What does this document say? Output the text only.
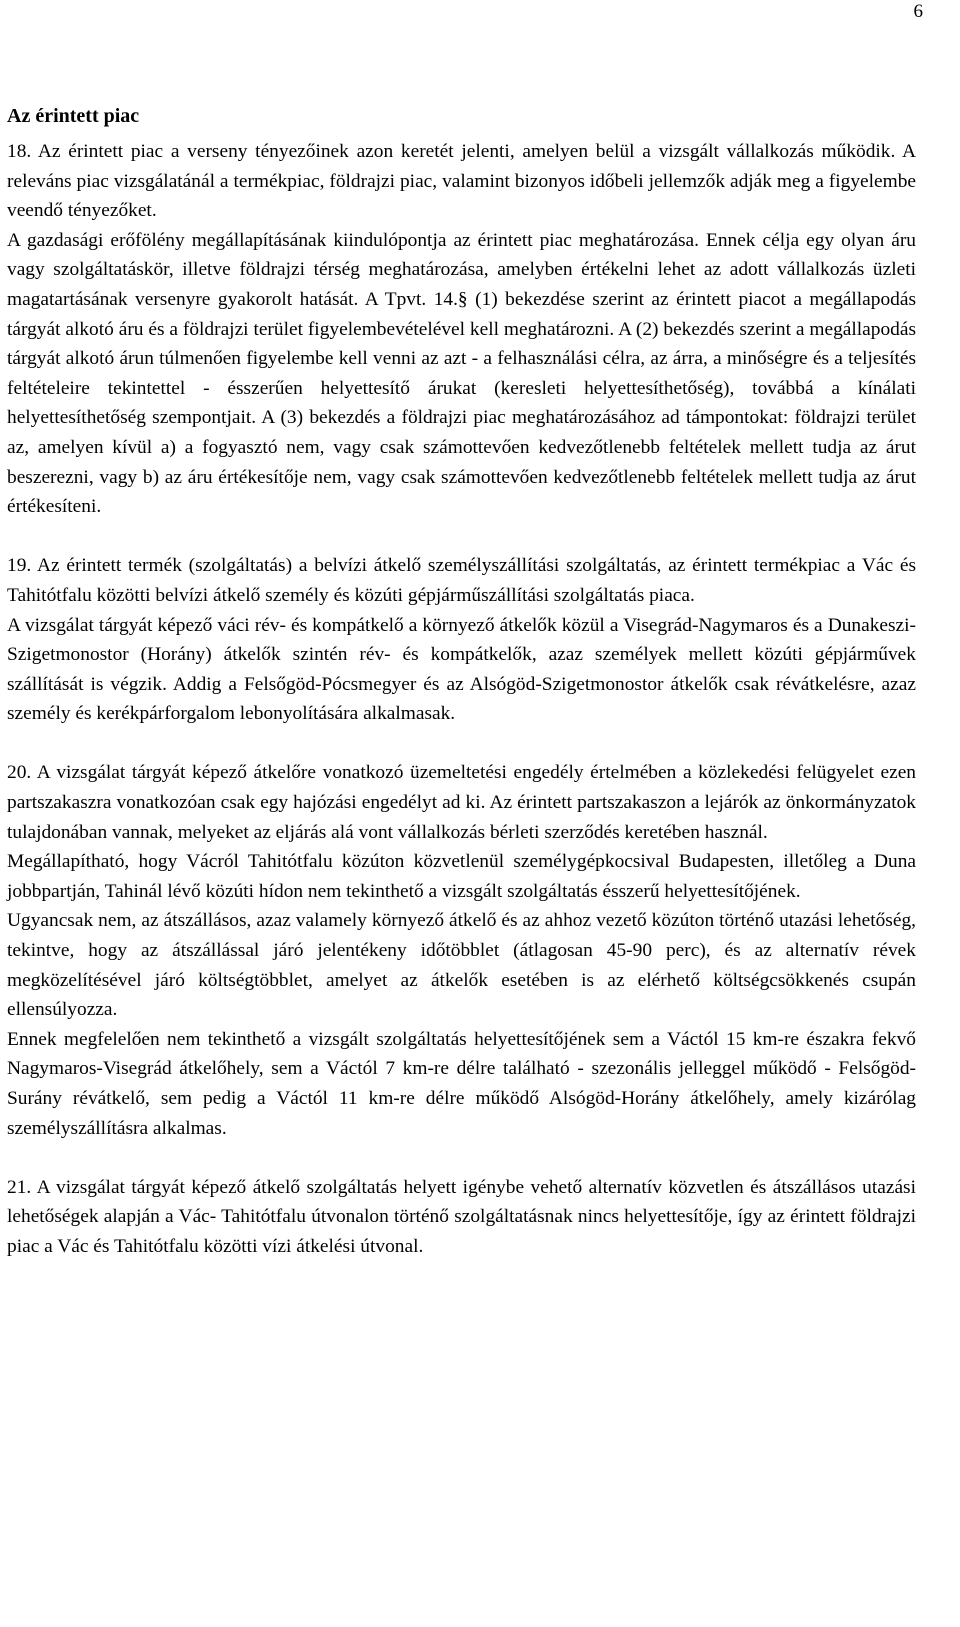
6
Az érintett piac

18. Az érintett piac a verseny tényezőinek azon keretét jelenti, amelyen belül a vizsgált vállalkozás működik. A releváns piac vizsgálatánál a termékpiac, földrajzi piac, valamint bizonyos időbeli jellemzők adják meg a figyelembe veendő tényezőket.

A gazdasági erőfölény megállapításának kiindulópontja az érintett piac meghatározása. Ennek célja egy olyan áru vagy szolgáltatáskör, illetve földrajzi térség meghatározása, amelyben értékelni lehet az adott vállalkozás üzleti magatartásának versenyre gyakorolt hatását. A Tpvt. 14.§ (1) bekezdése szerint az érintett piacot a megállapodás tárgyát alkotó áru és a földrajzi terület figyelembevételével kell meghatározni. A (2) bekezdés szerint a megállapodás tárgyát alkotó árun túlmenően figyelembe kell venni az azt - a felhasználási célra, az árra, a minőségre és a teljesítés feltételeire tekintettel - ésszerűen helyettesítő árukat (keresleti helyettesíthetőség), továbbá a kínálati helyettesíthetőség szempontjait. A (3) bekezdés a földrajzi piac meghatározásához ad támpontokat: földrajzi terület az, amelyen kívül a) a fogyasztó nem, vagy csak számottevően kedvezőtlenebb feltételek mellett tudja az árut beszerezni, vagy b) az áru értékesítője nem, vagy csak számottevően kedvezőtlenebb feltételek mellett tudja az árut értékesíteni.

19. Az érintett termék (szolgáltatás) a belvízi átkelő személyszállítási szolgáltatás, az érintett termékpiac a Vác és Tahitótfalu közötti belvízi átkelő személy és közúti gépjárműszállítási szolgáltatás piaca.

A vizsgálat tárgyát képező váci rév- és kompátkelő a környező átkelők közül a Visegrád-Nagymaros és a Dunakeszi-Szigetmonostor (Horány) átkelők szintén rév- és kompátkelők, azaz személyek mellett közúti gépjárművek szállítását is végzik. Addig a Felsőgöd-Pócsmegyer és az Alsógöd-Szigetmonostor átkelők csak révátkelésre, azaz személy és kerékpárforgalom lebonyolítására alkalmasak.

20. A vizsgálat tárgyát képező átkelőre vonatkozó üzemeltetési engedély értelmében a közlekedési felügyelet ezen partszakaszra vonatkozóan csak egy hajózási engedélyt ad ki. Az érintett partszakaszon a lejárók az önkormányzatok tulajdonában vannak, melyeket az eljárás alá vont vállalkozás bérleti szerződés keretében használ.

Megállapítható, hogy Vácról Tahitótfalu közúton közvetlenül személygépkocsival Budapesten, illetőleg a Duna jobbpartján, Tahinál lévő közúti hídon nem tekinthető a vizsgált szolgáltatás ésszerű helyettesítőjének.

Ugyancsak nem, az átszállásos, azaz valamely környező átkelő és az ahhoz vezető közúton történő utazási lehetőség, tekintve, hogy az átszállással járó jelentékeny időtöbblet (átlagosan 45-90 perc), és az alternatív révek megközelítésével járó költségtöbblet, amelyet az átkelők esetében is az elérhető költségcsökkenés csupán ellensúlyozza.

Ennek megfelelően nem tekinthető a vizsgált szolgáltatás helyettesítőjének sem a Váctól 15 km-re északra fekvő Nagymaros-Visegrád átkelőhely, sem a Váctól 7 km-re délre található - szezonális jelleggel működő - Felsőgöd-Surány révátkelő, sem pedig a Váctól 11 km-re délre működő Alsógöd-Horány átkelőhely, amely kizárólag személyszállításra alkalmas.

21. A vizsgálat tárgyát képező átkelő szolgáltatás helyett igénybe vehető alternatív közvetlen és átszállásos utazási lehetőségek alapján a Vác- Tahitótfalu útvonalon történő szolgáltatásnak nincs helyettesítője, így az érintett földrajzi piac a Vác és Tahitótfalu közötti vízi átkelési útvonal.
